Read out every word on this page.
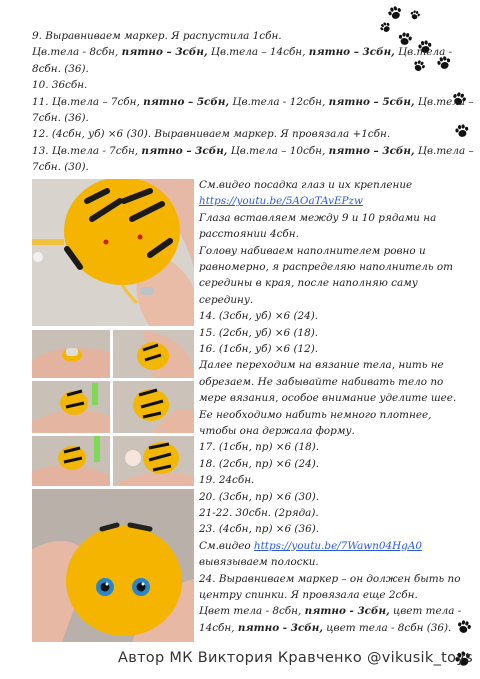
9. Выравниваем маркер. Я распустила 1сбн.
Цв.тела - 8сбн, пятно – 3сбн, Цв.тела – 14сбн, пятно – 3сбн, Цв.тела -
8сбн. (36).
10. 36сбн.
11. Цв.тела – 7сбн, пятно – 5сбн, Цв.тела - 12сбн, пятно – 5сбн, Цв.тела –
7сбн. (36).
12. (4сбн, уб) ×6 (30). Выравниваем маркер. Я провязала +1сбн.
13. Цв.тела - 7сбн, пятно – 3сбн, Цв.тела – 10сбн, пятно – 3сбн, Цв.тела –
7сбн. (30).
См.видео посадка глаз и их крепление
https://youtu.be/5AOaTAvEPzw
Глаза вставляем между 9 и 10 рядами на
расстоянии 4сбн.
Голову набиваем наполнителем ровно и
равномерно, я распределяю наполнитель от
середины в края, после наполняю саму
середину.
14. (3сбн, уб) ×6 (24).
15. (2сбн, уб) ×6 (18).
16. (1сбн, уб) ×6 (12).
Далее переходим на вязание тела, нить не
обрезаем. Не забывайте набивать тело по
мере вязания, особое внимание уделите шее.
Ее необходимо набить немного плотнее,
чтобы она держала форму.
17. (1сбн, пр) ×6 (18).
18. (2сбн, пр) ×6 (24).
19. 24сбн.
20. (3сбн, пр) ×6 (30).
21-22. 30сбн. (2ряда).
23. (4сбн, пр) ×6 (36).
См.видео https://youtu.be/7Wawn04HgA0
вывязываем полоски.
24. Выравниваем маркер – он должен быть по
центру спинки. Я провязала еще 2сбн.
Цвет тела - 8сбн, пятно - 3сбн, цвет тела -
14сбн, пятно - 3сбн, цвет тела - 8сбн (36).
Автор МК Виктория Кравченко @vikusik_toys
